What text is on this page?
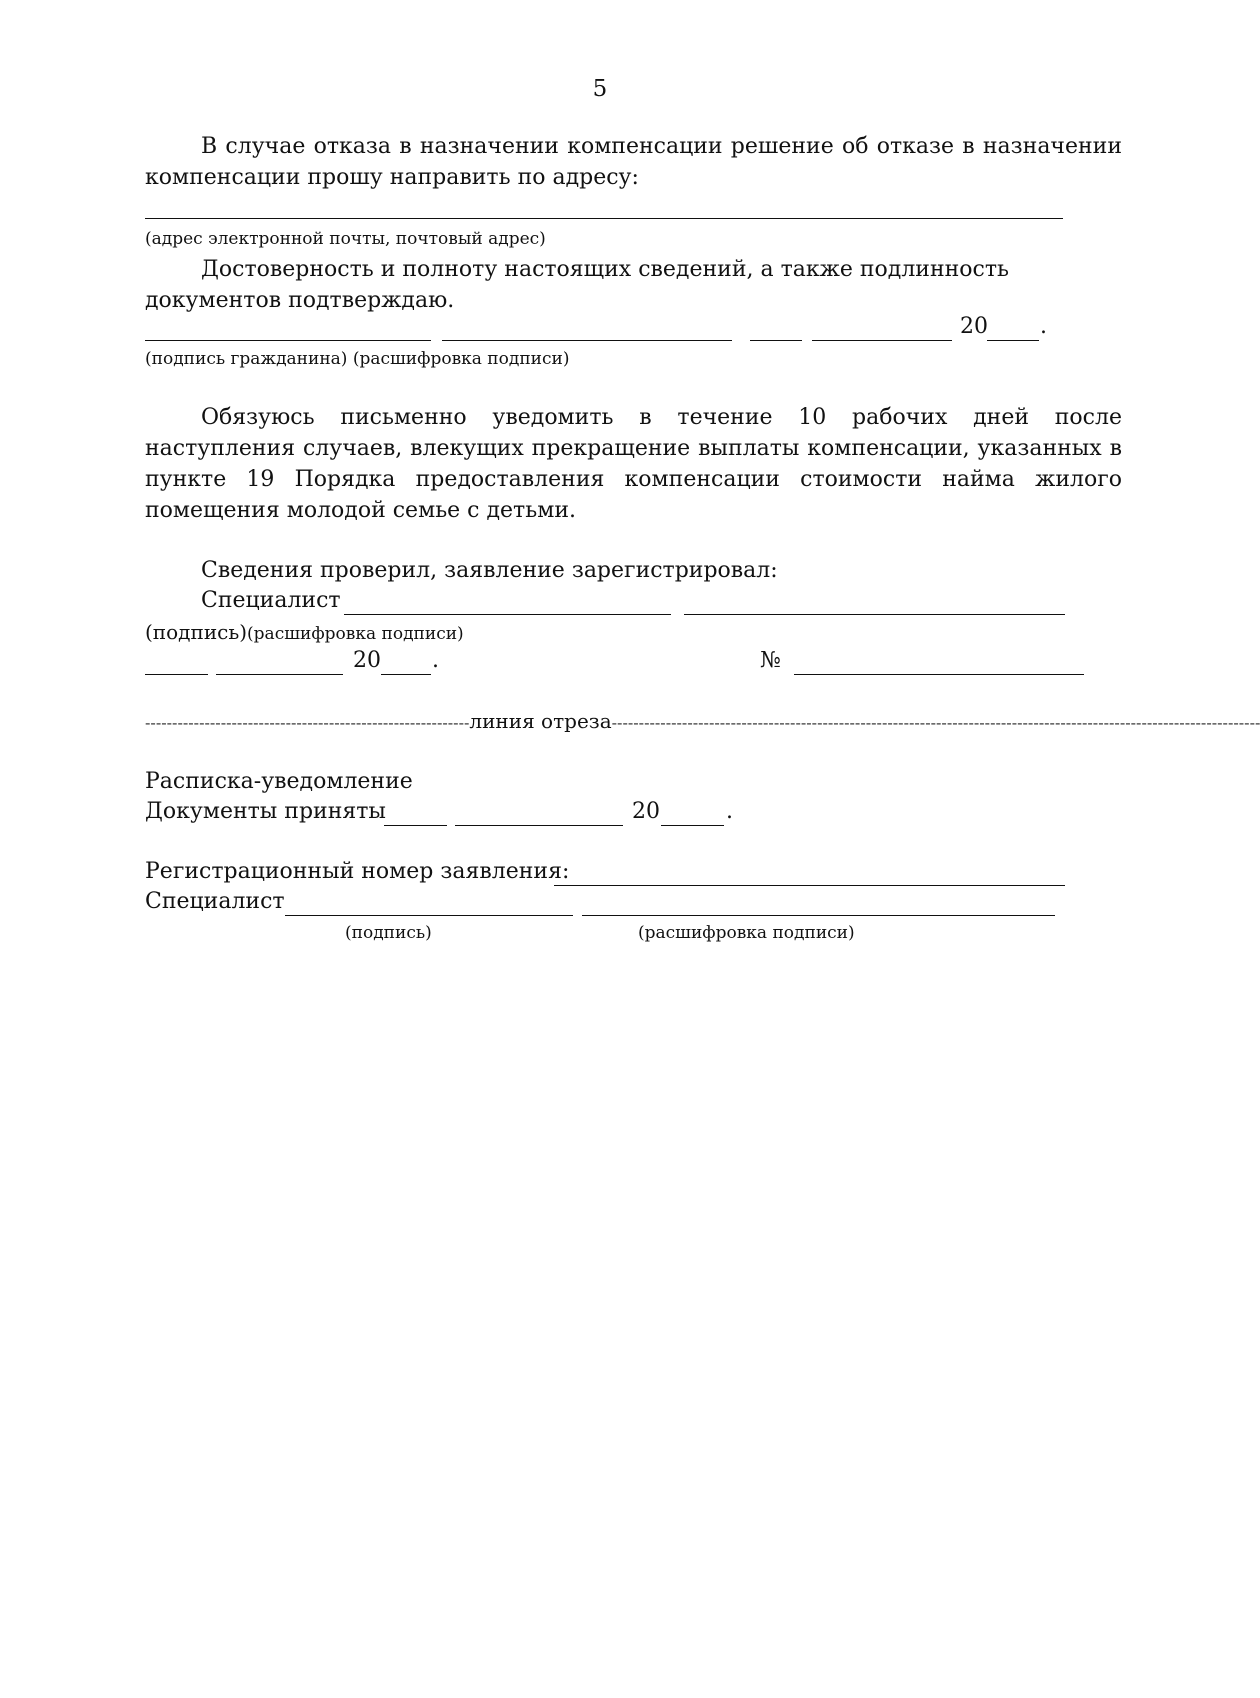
5

В случае отказа в назначении компенсации решение об отказе в назначении компенсации прошу направить по адресу:

(адрес электронной почты, почтовый адрес)

Достоверность и полноту настоящих сведений, а также подлинность документов подтверждаю.

20 .
(подпись гражданина) (расшифровка подписи)

Обязуюсь письменно уведомить в течение 10 рабочих дней после наступления случаев, влекущих прекращение выплаты компенсации, указанных в пункте 19 Порядка предоставления компенсации стоимости найма жилого помещения молодой семье с детьми.

Сведения проверил, заявление зарегистрировал:
Специалист
(подпись)(расшифровка подписи)
20 .	№
------------------------------------------------------------ линия отреза ------------------------------------------------------------------------------------------------------------------------
Расписка-уведомление
Документы приняты	20	.
Регистрационный номер заявления:
Специалист
(подпись)	(расшифровка подписи)
